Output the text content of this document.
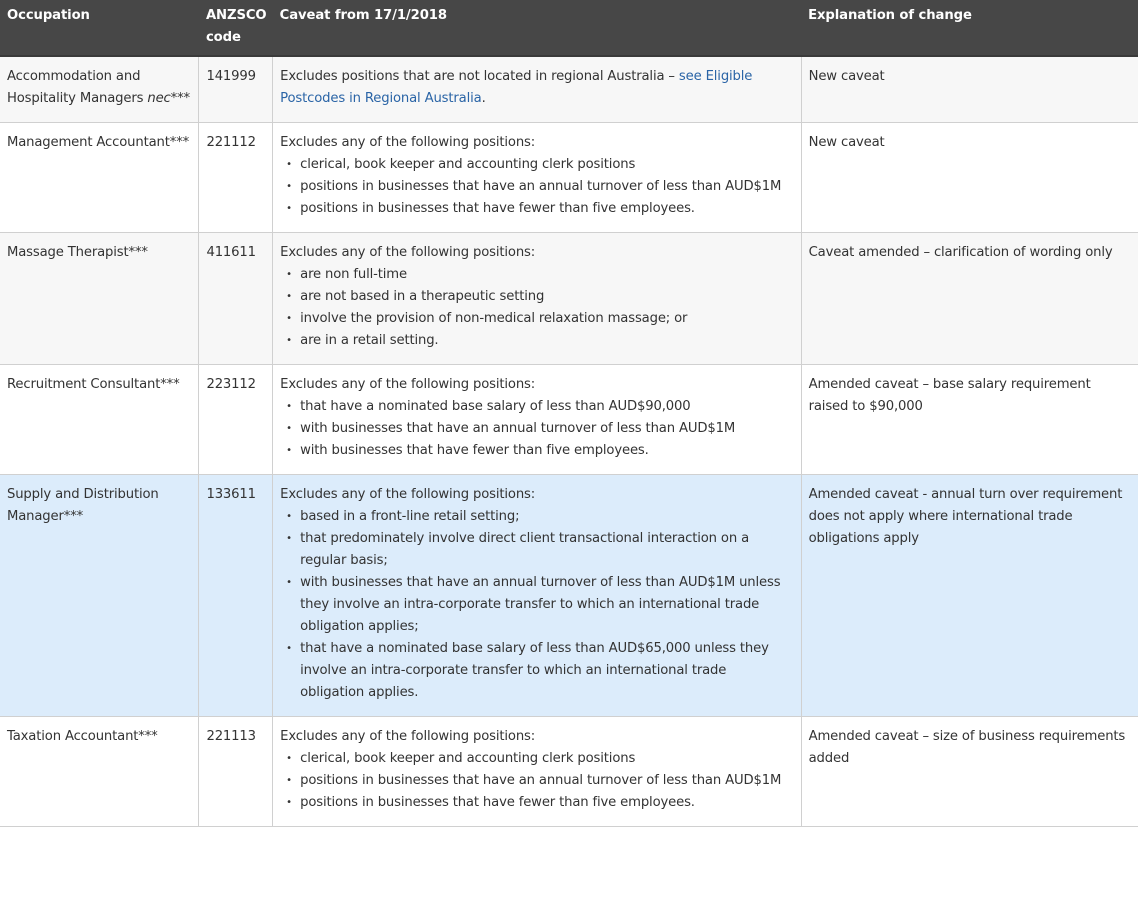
Occupation	ANZSCO code	Caveat from 17/1/2018	Explanation of change
Accommodation and Hospitality Managers nec***	141999	Excludes positions that are not located in regional Australia – see Eligible Postcodes in Regional Australia.	New caveat
Management Accountant***	221112	Excludes any of the following positions:
• clerical, book keeper and accounting clerk positions
• positions in businesses that have an annual turnover of less than AUD$1M
• positions in businesses that have fewer than five employees.
	New caveat
Massage Therapist***	411611	Excludes any of the following positions:
• are non full-time
• are not based in a therapeutic setting
• involve the provision of non-medical relaxation massage; or
• are in a retail setting.
	Caveat amended – clarification of wording only
Recruitment Consultant***	223112	Excludes any of the following positions:
• that have a nominated base salary of less than AUD$90,000
• with businesses that have an annual turnover of less than AUD$1M
• with businesses that have fewer than five employees.
	Amended caveat – base salary requirement raised to $90,000
Supply and Distribution Manager***	133611	Excludes any of the following positions:
• based in a front-line retail setting;
• that predominately involve direct client transactional interaction on a regular basis;
• with businesses that have an annual turnover of less than AUD$1M unless they involve an intra-corporate transfer to which an international trade obligation applies;
• that have a nominated base salary of less than AUD$65,000 unless they involve an intra-corporate transfer to which an international trade obligation applies.
	Amended caveat - annual turn over requirement does not apply where international trade obligations apply
Taxation Accountant***	221113	Excludes any of the following positions:
• clerical, book keeper and accounting clerk positions
• positions in businesses that have an annual turnover of less than AUD$1M
• positions in businesses that have fewer than five employees.
	Amended caveat – size of business requirements added
